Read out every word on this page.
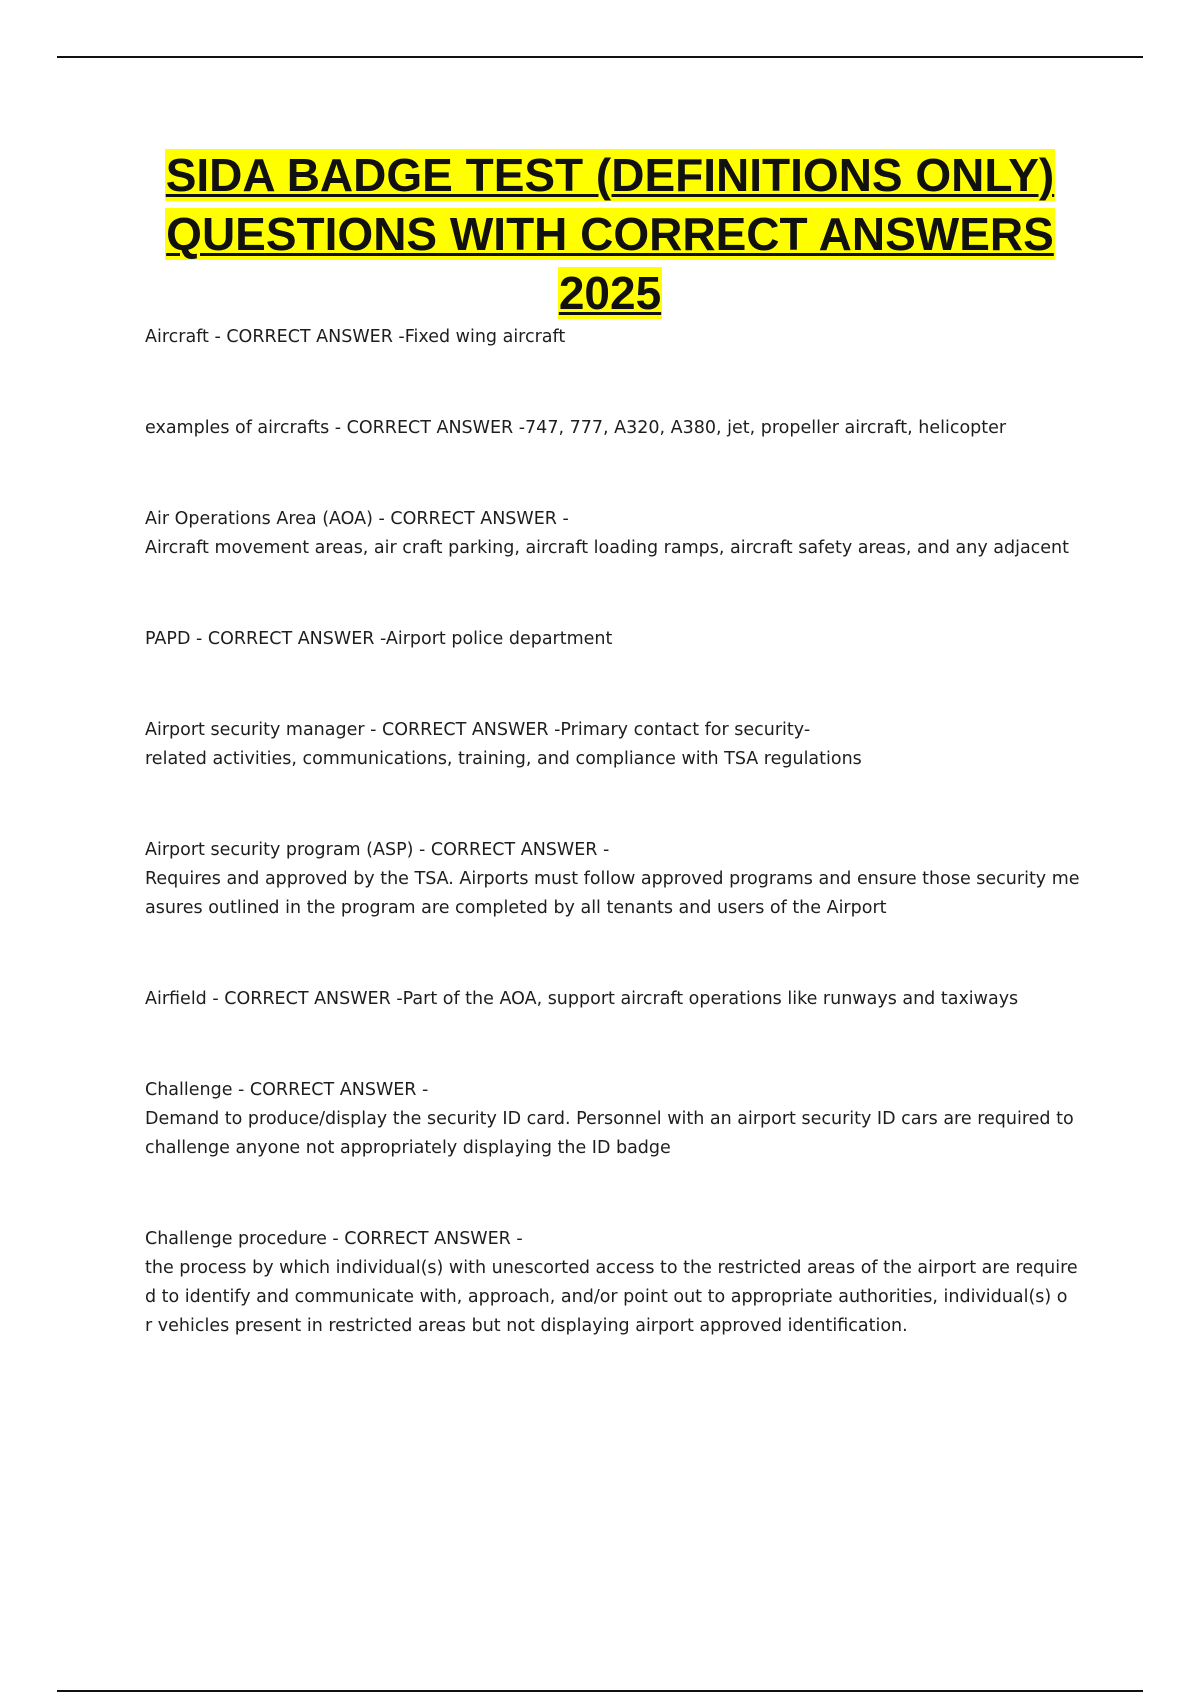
SIDA BADGE TEST (DEFINITIONS ONLY)
QUESTIONS WITH CORRECT ANSWERS
2025
Aircraft - CORRECT ANSWER -Fixed wing aircraft
examples of aircrafts - CORRECT ANSWER -747, 777, A320, A380, jet, propeller aircraft, helicopter
Air Operations Area (AOA) - CORRECT ANSWER -
Aircraft movement areas, air craft parking, aircraft loading ramps, aircraft safety areas, and any adjacent
PAPD - CORRECT ANSWER -Airport police department
Airport security manager - CORRECT ANSWER -Primary contact for security-
related activities, communications, training, and compliance with TSA regulations
Airport security program (ASP) - CORRECT ANSWER -
Requires and approved by the TSA. Airports must follow approved programs and ensure those security me
asures outlined in the program are completed by all tenants and users of the Airport
Airfield - CORRECT ANSWER -Part of the AOA, support aircraft operations like runways and taxiways
Challenge - CORRECT ANSWER -
Demand to produce/display the security ID card. Personnel with an airport security ID cars are required to
challenge anyone not appropriately displaying the ID badge
Challenge procedure - CORRECT ANSWER -
the process by which individual(s) with unescorted access to the restricted areas of the airport are require
d to identify and communicate with, approach, and/or point out to appropriate authorities, individual(s) o
r vehicles present in restricted areas but not displaying airport approved identification.
